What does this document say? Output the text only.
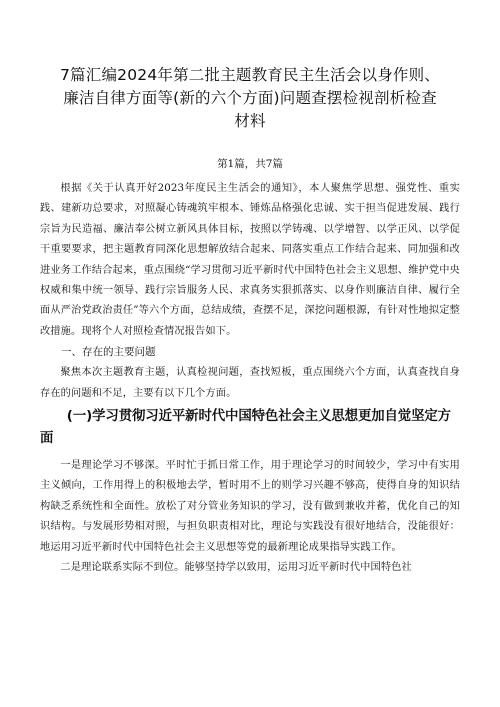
7篇汇编2024年第二批主题教育民主生活会以身作则、廉洁自律方面等(新的六个方面)问题查摆检视剖析检查材料
第1篇，共7篇

根据《关于认真开好2023年度民主生活会的通知》，本人聚焦学思想、强党性、重实践、建新功总要求，对照凝心铸魂筑牢根本、锤炼品格强化忠诚、实干担当促进发展、践行宗旨为民造福、廉洁奉公树立新风具体目标，按照以学铸魂、以学增智、以学正风、以学促干重要要求，把主题教育同深化思想解放结合起来、同落实重点工作结合起来、同加强和改进业务工作结合起来，重点围绕“学习贯彻习近平新时代中国特色社会主义思想、维护党中央权威和集中统一领导、践行宗旨服务人民、求真务实狠抓落实、以身作则廉洁自律、履行全面从严治党政治责任”等六个方面，总结成绩，查摆不足，深挖问题根源，有针对性地拟定整改措施。现将个人对照检查情况报告如下。

一、存在的主要问题

聚焦本次主题教育主题，认真检视问题，查找短板，重点围绕六个方面，认真查找自身存在的问题和不足，主要有以下几个方面。

(一)学习贯彻习近平新时代中国特色社会主义思想更加自觉坚定方面

一是理论学习不够深。平时忙于抓日常工作，用于理论学习的时间较少，学习中有实用主义倾向，工作用得上的积极地去学，暂时用不上的则学习兴趣不够高，使得自身的知识结构缺乏系统性和全面性。放松了对分管业务知识的学习，没有做到兼收并蓄，优化自己的知识结构。与发展形势相对照，与担负职责相对比，理论与实践没有很好地结合，没能很好：地运用习近平新时代中国特色社会主义思想等党的最新理论成果指导实践工作。

二是理论联系实际不到位。能够坚持学以致用，运用习近平新时代中国特色社
